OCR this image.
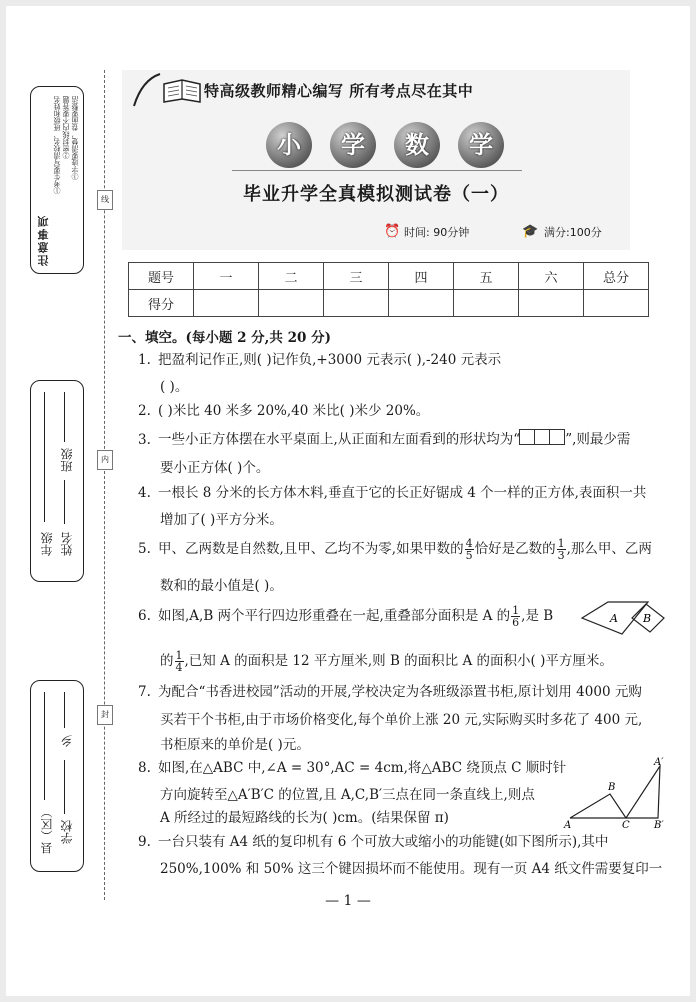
注意事项
①考生要写清校名、班级和姓名 ②密封线内不要答题 ③字迹要清楚，卷面要整洁
年级 姓名
班级
县（区） 学校
乡
线
内
封
特高级教师精心编写 所有考点尽在其中
小	学	数	学
毕业升学全真模拟测试卷（一）
⏰ 时间: 90分钟	🎓 满分:100分
题号	一	二	三	四	五	六	总分
得分							
一、填空。(每小题 2 分,共 20 分)
1. 把盈利记作正,则( )记作负,+3000 元表示( ),-240 元表示
( )。
2. ( )米比 40 米多 20%,40 米比( )米少 20%。
3. 一些小正方体摆在水平桌面上,从正面和左面看到的形状均为“	”,则最少需
要小正方体( )个。
4. 一根长 8 分米的长方体木料,垂直于它的长正好锯成 4 个一样的正方体,表面积一共
增加了( )平方分米。
5. 甲、乙两数是自然数,且甲、乙均不为零,如果甲数的 $\frac{4}{5}$ 恰好是乙数的 $\frac{1}{3}$ ,那么甲、乙两
数和的最小值是( )。
6. 如图,A,B 两个平行四边形重叠在一起,重叠部分面积是 A 的 $\frac{1}{6}$ ,是 B	A B
的 $\frac{1}{4}$ ,已知 A 的面积是 12 平方厘米,则 B 的面积比 A 的面积小( )平方厘米。
7. 为配合“书香进校园”活动的开展,学校决定为各班级添置书柜,原计划用 4000 元购
买若干个书柜,由于市场价格变化,每个单价上涨 20 元,实际购买时多花了 400 元,
书柜原来的单价是( )元。
8. 如图,在△ABC 中,∠A = 30°,AC = 4cm,将△ABC 绕顶点 C 顺时针
方向旋转至△A′B′C 的位置,且 A,C,B′三点在同一条直线上,则点
A 所经过的最短路线的长为( )cm。(结果保留 π)	A
B
C B′
A′
9. 一台只装有 A4 纸的复印机有 6 个可放大或缩小的功能键(如下图所示),其中
250%,100% 和 50% 这三个键因损坏而不能使用。现有一页 A4 纸文件需要复印一
— 1 —
